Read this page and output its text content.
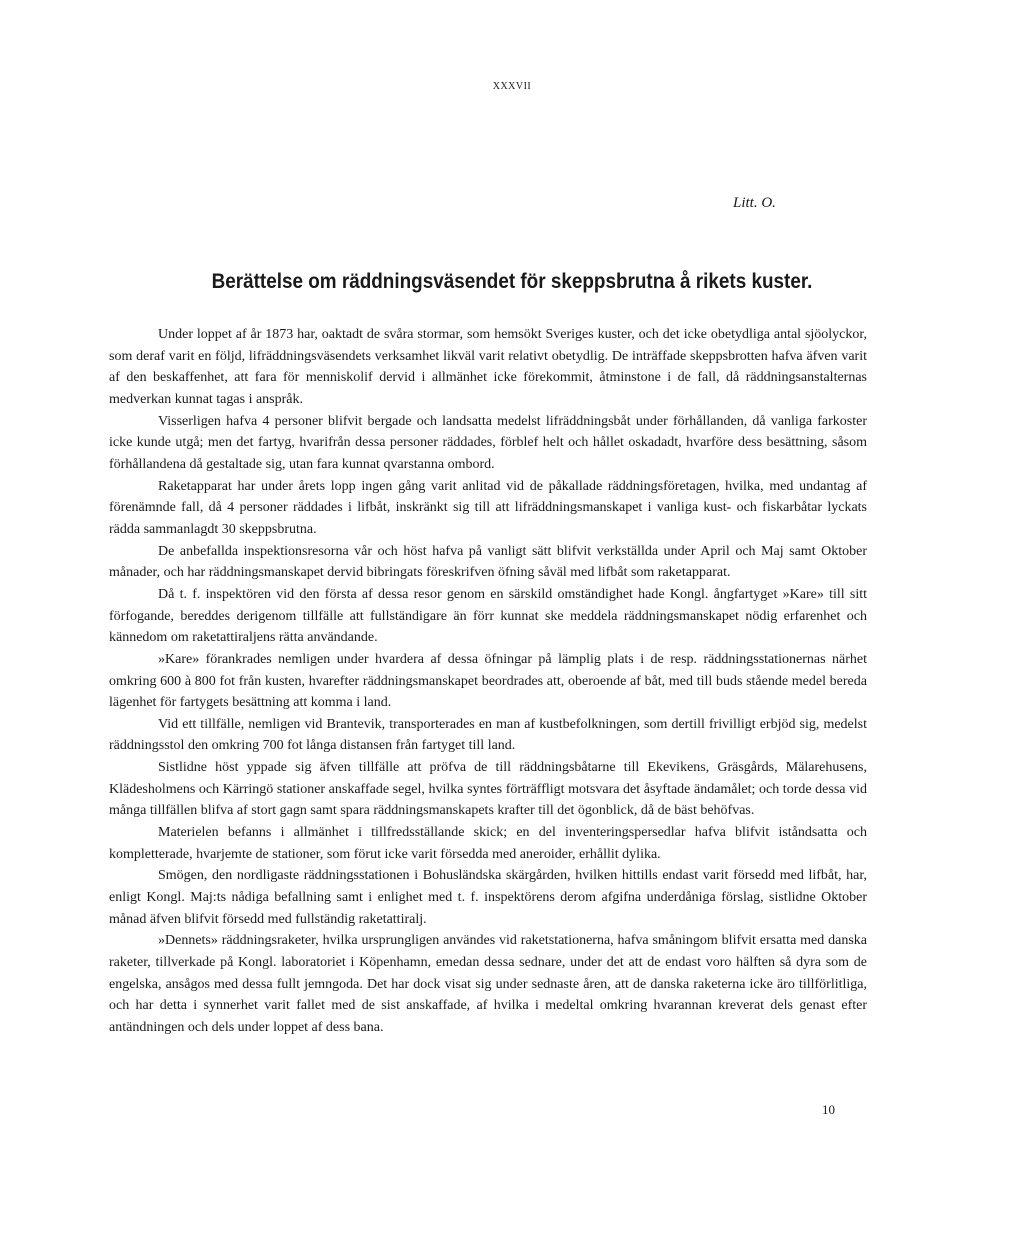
XXXVII
Litt. O.
Berättelse om räddningsväsendet för skeppsbrutna å rikets kuster.

Under loppet af år 1873 har, oaktadt de svåra stormar, som hemsökt Sveriges kuster, och det icke obetydliga antal sjöolyckor, som deraf varit en följd, lifräddningsväsendets verksamhet likväl varit relativt obetydlig. De inträffade skeppsbrotten hafva äfven varit af den beskaffenhet, att fara för menniskolif dervid i allmänhet icke förekommit, åtminstone i de fall, då räddningsanstalternas medverkan kunnat tagas i anspråk.

Visserligen hafva 4 personer blifvit bergade och landsatta medelst lifräddningsbåt under förhållanden, då vanliga farkoster icke kunde utgå; men det fartyg, hvarifrån dessa personer räddades, förblef helt och hållet oskadadt, hvarföre dess besättning, såsom förhållandena då gestaltade sig, utan fara kunnat qvarstanna ombord.

Raketapparat har under årets lopp ingen gång varit anlitad vid de påkallade räddningsföretagen, hvilka, med undantag af förenämnde fall, då 4 personer räddades i lifbåt, inskränkt sig till att lifräddningsmanskapet i vanliga kust- och fiskarbåtar lyckats rädda sammanlagdt 30 skeppsbrutna.

De anbefallda inspektionsresorna vår och höst hafva på vanligt sätt blifvit verkställda under April och Maj samt Oktober månader, och har räddningsmanskapet dervid bibringats föreskrifven öfning såväl med lifbåt som raketapparat.

Då t. f. inspektören vid den första af dessa resor genom en särskild omständighet hade Kongl. ångfartyget »Kare» till sitt förfogande, bereddes derigenom tillfälle att fullständigare än förr kunnat ske meddela räddningsmanskapet nödig erfarenhet och kännedom om raketattiraljens rätta användande.

»Kare» förankrades nemligen under hvardera af dessa öfningar på lämplig plats i de resp. räddningsstationernas närhet omkring 600 à 800 fot från kusten, hvarefter räddningsmanskapet beordrades att, oberoende af båt, med till buds stående medel bereda lägenhet för fartygets besättning att komma i land.

Vid ett tillfälle, nemligen vid Brantevik, transporterades en man af kustbefolkningen, som dertill frivilligt erbjöd sig, medelst räddningsstol den omkring 700 fot långa distansen från fartyget till land.

Sistlidne höst yppade sig äfven tillfälle att pröfva de till räddningsbåtarne till Ekevikens, Gräsgårds, Mälarehusens, Klädesholmens och Kärringö stationer anskaffade segel, hvilka syntes förträffligt motsvara det åsyftade ändamålet; och torde dessa vid många tillfällen blifva af stort gagn samt spara räddningsmanskapets krafter till det ögonblick, då de bäst behöfvas.

Materielen befanns i allmänhet i tillfredsställande skick; en del inventeringspersedlar hafva blifvit iståndsatta och kompletterade, hvarjemte de stationer, som förut icke varit försedda med aneroider, erhållit dylika.

Smögen, den nordligaste räddningsstationen i Bohusländska skärgården, hvilken hittills endast varit försedd med lifbåt, har, enligt Kongl. Maj:ts nådiga befallning samt i enlighet med t. f. inspektörens derom afgifna underdåniga förslag, sistlidne Oktober månad äfven blifvit försedd med fullständig raketattiralj.

»Dennets» räddningsraketer, hvilka ursprungligen användes vid raketstationerna, hafva småningom blifvit ersatta med danska raketer, tillverkade på Kongl. laboratoriet i Köpenhamn, emedan dessa sednare, under det att de endast voro hälften så dyra som de engelska, ansågos med dessa fullt jemngoda. Det har dock visat sig under sednaste åren, att de danska raketerna icke äro tillförlitliga, och har detta i synnerhet varit fallet med de sist anskaffade, af hvilka i medeltal omkring hvarannan kreverat dels genast efter antändningen och dels under loppet af dess bana.

10
